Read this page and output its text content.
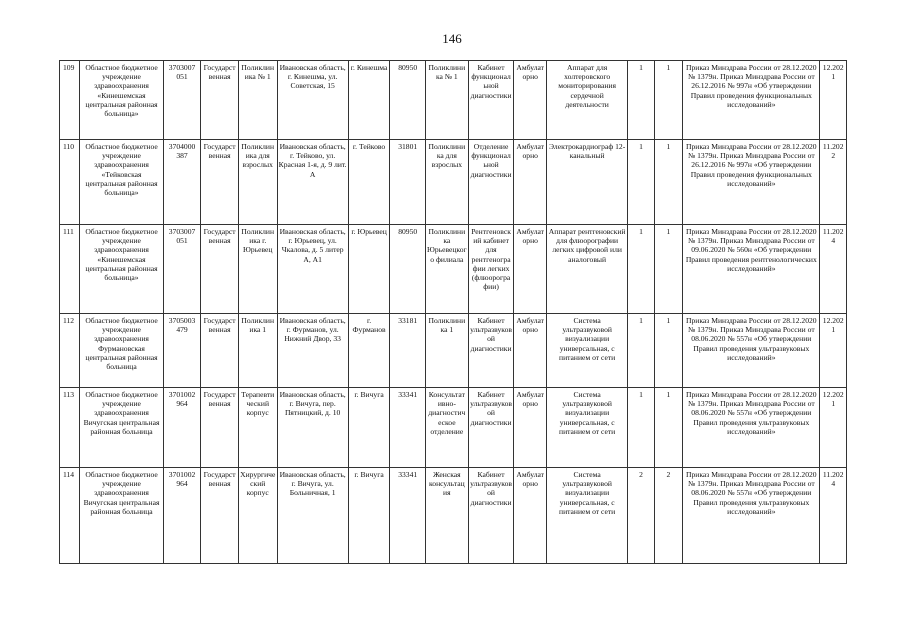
146
109	Областное бюджетное учреждение здравоохранения «Кинешемская центральная районная больница»	3703007 051	Государственная	Поликлиника № 1	Ивановская область, г. Кинешма, ул. Советская, 15	г. Кинешма	80950	Поликлиника № 1	Кабинет функциональной диагностики	Амбулаторно	Аппарат для холтеровского мониторирования сердечной деятельности	1	1	Приказ Минздрава России от 28.12.2020 № 1379н. Приказ Минздрава России от 26.12.2016 № 997н «Об утверждении Правил проведения функциональных исследований»	12.2021
110	Областное бюджетное учреждение здравоохранения «Тейковская центральная районная больница»	3704000 387	Государственная	Поликлиника для взрослых	Ивановская область, г. Тейково, ул. Красная 1-я, д. 9 лит. А	г. Тейково	31801	Поликлиника для взрослых	Отделение функциональной диагностики	Амбулаторно	Электрокардиограф 12-канальный	1	1	Приказ Минздрава России от 28.12.2020 № 1379н. Приказ Минздрава России от 26.12.2016 № 997н «Об утверждении Правил проведения функциональных исследований»	11.2022
111	Областное бюджетное учреждение здравоохранения «Кинешемская центральная районная больница»	3703007 051	Государственная	Поликлиника г. Юрьевец	Ивановская область, г. Юрьевец, ул. Чкалова, д. 5 литер А, А1	г. Юрьевец	80950	Поликлиника Юрьевецкого филиала	Рентгеновский кабинет для рентгенографии легких (флюорографии)	Амбулаторно	Аппарат рентгеновский для флюорографии легких цифровой или аналоговый	1	1	Приказ Минздрава России от 28.12.2020 № 1379н. Приказ Минздрава России от 09.06.2020 № 560н «Об утверждении Правил проведения рентгенологических исследований»	11.2024
112	Областное бюджетное учреждение здравоохранения Фурмановская центральная районная больница	3705003 479	Государственная	Поликлиника 1	Ивановская область, г. Фурманов, ул. Нижний Двор, 33	г. Фурманов	33181	Поликлиника 1	Кабинет ультразвуковой диагностики	Амбулаторно	Система ультразвуковой визуализации универсальная, с питанием от сети	1	1	Приказ Минздрава России от 28.12.2020 № 1379н. Приказ Минздрава России от 08.06.2020 № 557н «Об утверждении Правил проведения ультразвуковых исследований»	12.2021
113	Областное бюджетное учреждение здравоохранения Вичугская центральная районная больница	3701002 964	Государственная	Терапевтический корпус	Ивановская область, г. Вичуга, пер. Пятницкий, д. 10	г. Вичуга	33341	Консультативно-диагностическое отделение	Кабинет ультразвуковой диагностики	Амбулаторно	Система ультразвуковой визуализации универсальная, с питанием от сети	1	1	Приказ Минздрава России от 28.12.2020 № 1379н. Приказ Минздрава России от 08.06.2020 № 557н «Об утверждении Правил проведения ультразвуковых исследований»	12.2021
114	Областное бюджетное учреждение здравоохранения Вичугская центральная районная больница	3701002 964	Государственная	Хирургический корпус	Ивановская область, г. Вичуга, ул. Больничная, 1	г. Вичуга	33341	Женская консультация	Кабинет ультразвуковой диагностики	Амбулаторно	Система ультразвуковой визуализации универсальная, с питанием от сети	2	2	Приказ Минздрава России от 28.12.2020 № 1379н. Приказ Минздрава России от 08.06.2020 № 557н «Об утверждении Правил проведения ультразвуковых исследований»	11.2024
